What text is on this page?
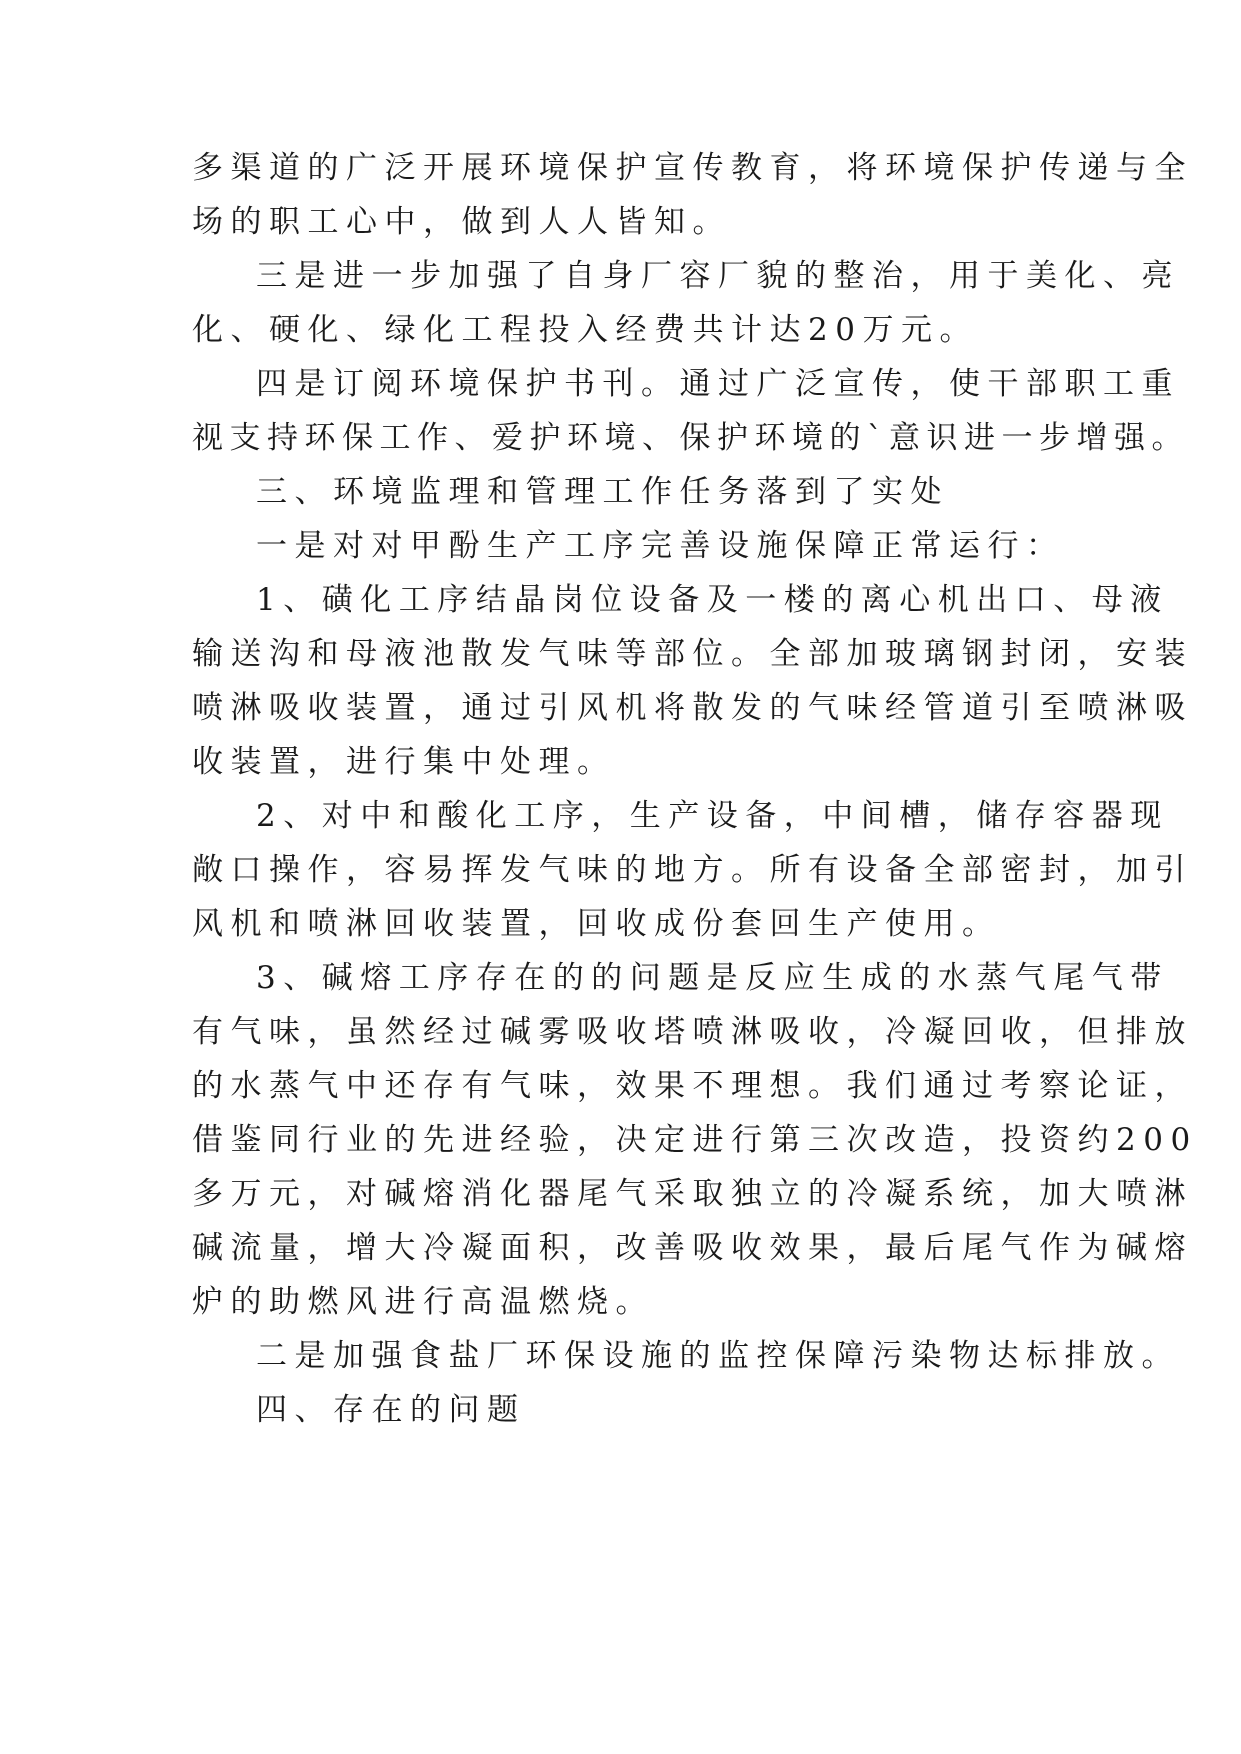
多渠道的广泛开展环境保护宣传教育，将环境保护传递与全
场的职工心中，做到人人皆知。
三是进一步加强了自身厂容厂貌的整治，用于美化、亮
化、硬化、绿化工程投入经费共计达20万元。
四是订阅环境保护书刊。通过广泛宣传，使干部职工重
视支持环保工作、爱护环境、保护环境的`意识进一步增强。
三、环境监理和管理工作任务落到了实处
一是对对甲酚生产工序完善设施保障正常运行：
1、磺化工序结晶岗位设备及一楼的离心机出口、母液
输送沟和母液池散发气味等部位。全部加玻璃钢封闭，安装
喷淋吸收装置，通过引风机将散发的气味经管道引至喷淋吸
收装置，进行集中处理。
2、对中和酸化工序，生产设备，中间槽，储存容器现
敞口操作，容易挥发气味的地方。所有设备全部密封，加引
风机和喷淋回收装置，回收成份套回生产使用。
3、碱熔工序存在的的问题是反应生成的水蒸气尾气带
有气味，虽然经过碱雾吸收塔喷淋吸收，冷凝回收，但排放
的水蒸气中还存有气味，效果不理想。我们通过考察论证，
借鉴同行业的先进经验，决定进行第三次改造，投资约200
多万元，对碱熔消化器尾气采取独立的冷凝系统，加大喷淋
碱流量，增大冷凝面积，改善吸收效果，最后尾气作为碱熔
炉的助燃风进行高温燃烧。
二是加强食盐厂环保设施的监控保障污染物达标排放。
四、存在的问题
